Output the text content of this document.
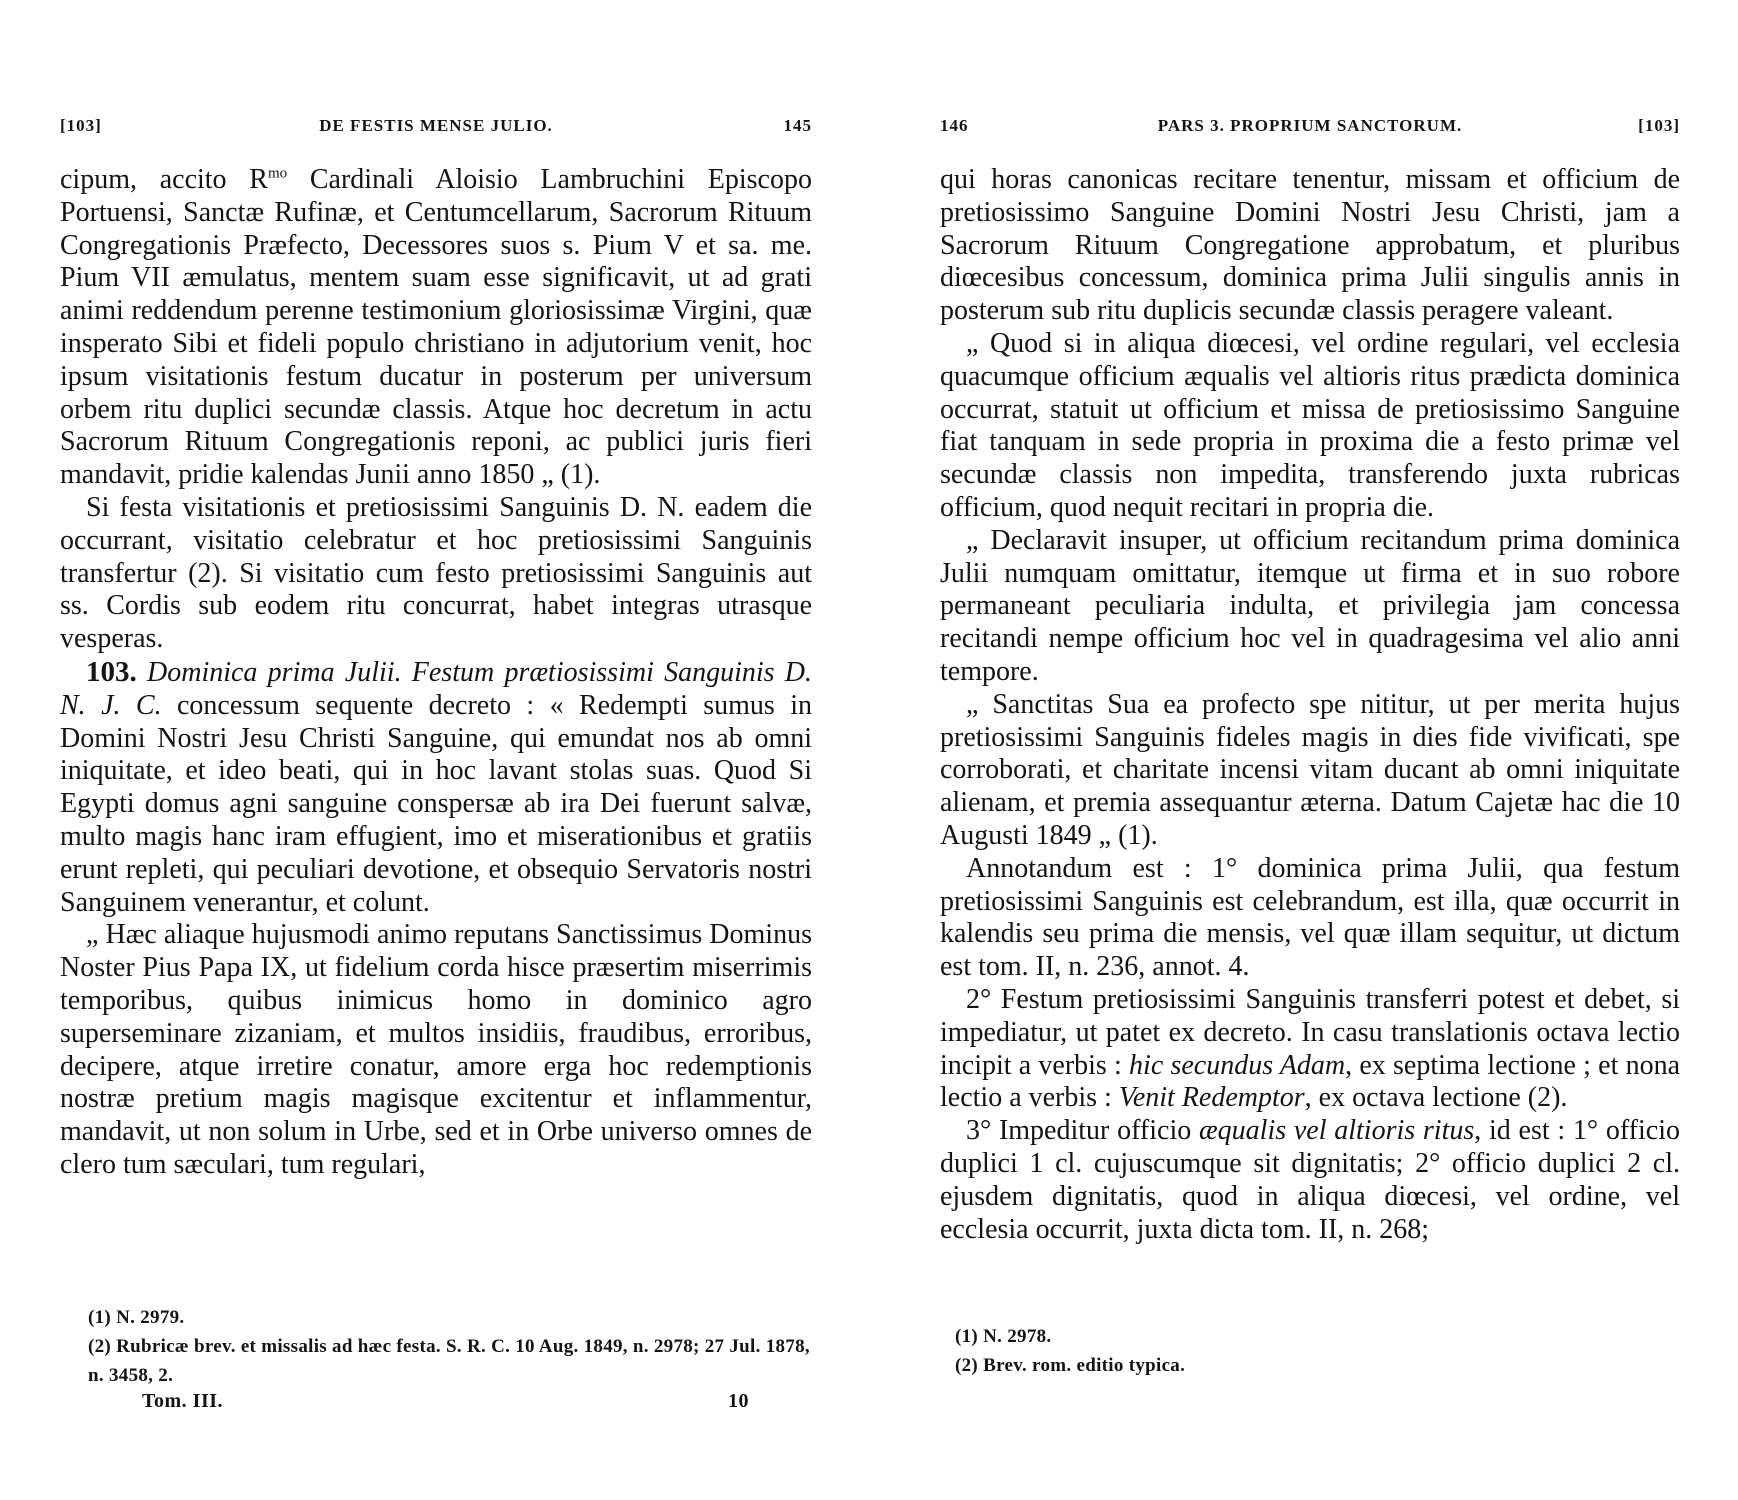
[103]	DE FESTIS MENSE JULIO.	145

cipum, accito $R^{mo}$ Cardinali Aloisio Lambruchini Episcopo Portuensi, Sanctæ Rufinæ, et Centumcellarum, Sacrorum Rituum Congregationis Præfecto, Decessores suos s. Pium V et sa. me. Pium VII æmulatus, mentem suam esse significavit, ut ad grati animi reddendum perenne testimonium gloriosissimæ Virgini, quæ insperato Sibi et fideli populo christiano in adjutorium venit, hoc ipsum visitationis festum ducatur in posterum per universum orbem ritu duplici secundæ classis. Atque hoc decretum in actu Sacrorum Rituum Congregationis reponi, ac publici juris fieri mandavit, pridie kalendas Junii anno 1850 „ (1).

Si festa visitationis et pretiosissimi Sanguinis D. N. eadem die occurrant, visitatio celebratur et hoc pretiosissimi Sanguinis transfertur (2). Si visitatio cum festo pretiosissimi Sanguinis aut ss. Cordis sub eodem ritu concurrat, habet integras utrasque vesperas.

103. Dominica prima Julii. Festum prætiosissimi Sanguinis D. N. J. C. concessum sequente decreto : « Redempti sumus in Domini Nostri Jesu Christi Sanguine, qui emundat nos ab omni iniquitate, et ideo beati, qui in hoc lavant stolas suas. Quod Si Egypti domus agni sanguine conspersæ ab ira Dei fuerunt salvæ, multo magis hanc iram effugient, imo et miserationibus et gratiis erunt repleti, qui peculiari devotione, et obsequio Servatoris nostri Sanguinem venerantur, et colunt.

„ Hæc aliaque hujusmodi animo reputans Sanctissimus Dominus Noster Pius Papa IX, ut fidelium corda hisce præsertim miserrimis temporibus, quibus inimicus homo in dominico agro superseminare zizaniam, et multos insidiis, fraudibus, erroribus, decipere, atque irretire conatur, amore erga hoc redemptionis nostræ pretium magis magisque excitentur et inflammentur, mandavit, ut non solum in Urbe, sed et in Orbe universo omnes de clero tum sæculari, tum regulari,

(1) N. 2979.
(2) Rubricæ brev. et missalis ad hæc festa. S. R. C. 10 Aug. 1849, n. 2978; 27 Jul. 1878, n. 3458, 2.
Tom. III.	10
146	PARS 3. PROPRIUM SANCTORUM.	[103]

qui horas canonicas recitare tenentur, missam et officium de pretiosissimo Sanguine Domini Nostri Jesu Christi, jam a Sacrorum Rituum Congregatione approbatum, et pluribus diœcesibus concessum, dominica prima Julii singulis annis in posterum sub ritu duplicis secundæ classis peragere valeant.

„ Quod si in aliqua diœcesi, vel ordine regulari, vel ecclesia quacumque officium æqualis vel altioris ritus prædicta dominica occurrat, statuit ut officium et missa de pretiosissimo Sanguine fiat tanquam in sede propria in proxima die a festo primæ vel secundæ classis non impedita, transferendo juxta rubricas officium, quod nequit recitari in propria die.

„ Declaravit insuper, ut officium recitandum prima dominica Julii numquam omittatur, itemque ut firma et in suo robore permaneant peculiaria indulta, et privilegia jam concessa recitandi nempe officium hoc vel in quadragesima vel alio anni tempore.

„ Sanctitas Sua ea profecto spe nititur, ut per merita hujus pretiosissimi Sanguinis fideles magis in dies fide vivificati, spe corroborati, et charitate incensi vitam ducant ab omni iniquitate alienam, et premia assequantur æterna. Datum Cajetæ hac die 10 Augusti 1849 „ (1).

Annotandum est : 1° dominica prima Julii, qua festum pretiosissimi Sanguinis est celebrandum, est illa, quæ occurrit in kalendis seu prima die mensis, vel quæ illam sequitur, ut dictum est tom. II, n. 236, annot. 4.

2° Festum pretiosissimi Sanguinis transferri potest et debet, si impediatur, ut patet ex decreto. In casu translationis octava lectio incipit a verbis : hic secundus Adam, ex septima lectione ; et nona lectio a verbis : Venit Redemptor, ex octava lectione (2).

3° Impeditur officio æqualis vel altioris ritus, id est : 1° officio duplici 1 cl. cujuscumque sit dignitatis; 2° officio duplici 2 cl. ejusdem dignitatis, quod in aliqua diœcesi, vel ordine, vel ecclesia occurrit, juxta dicta tom. II, n. 268;

(1) N. 2978.
(2) Brev. rom. editio typica.
